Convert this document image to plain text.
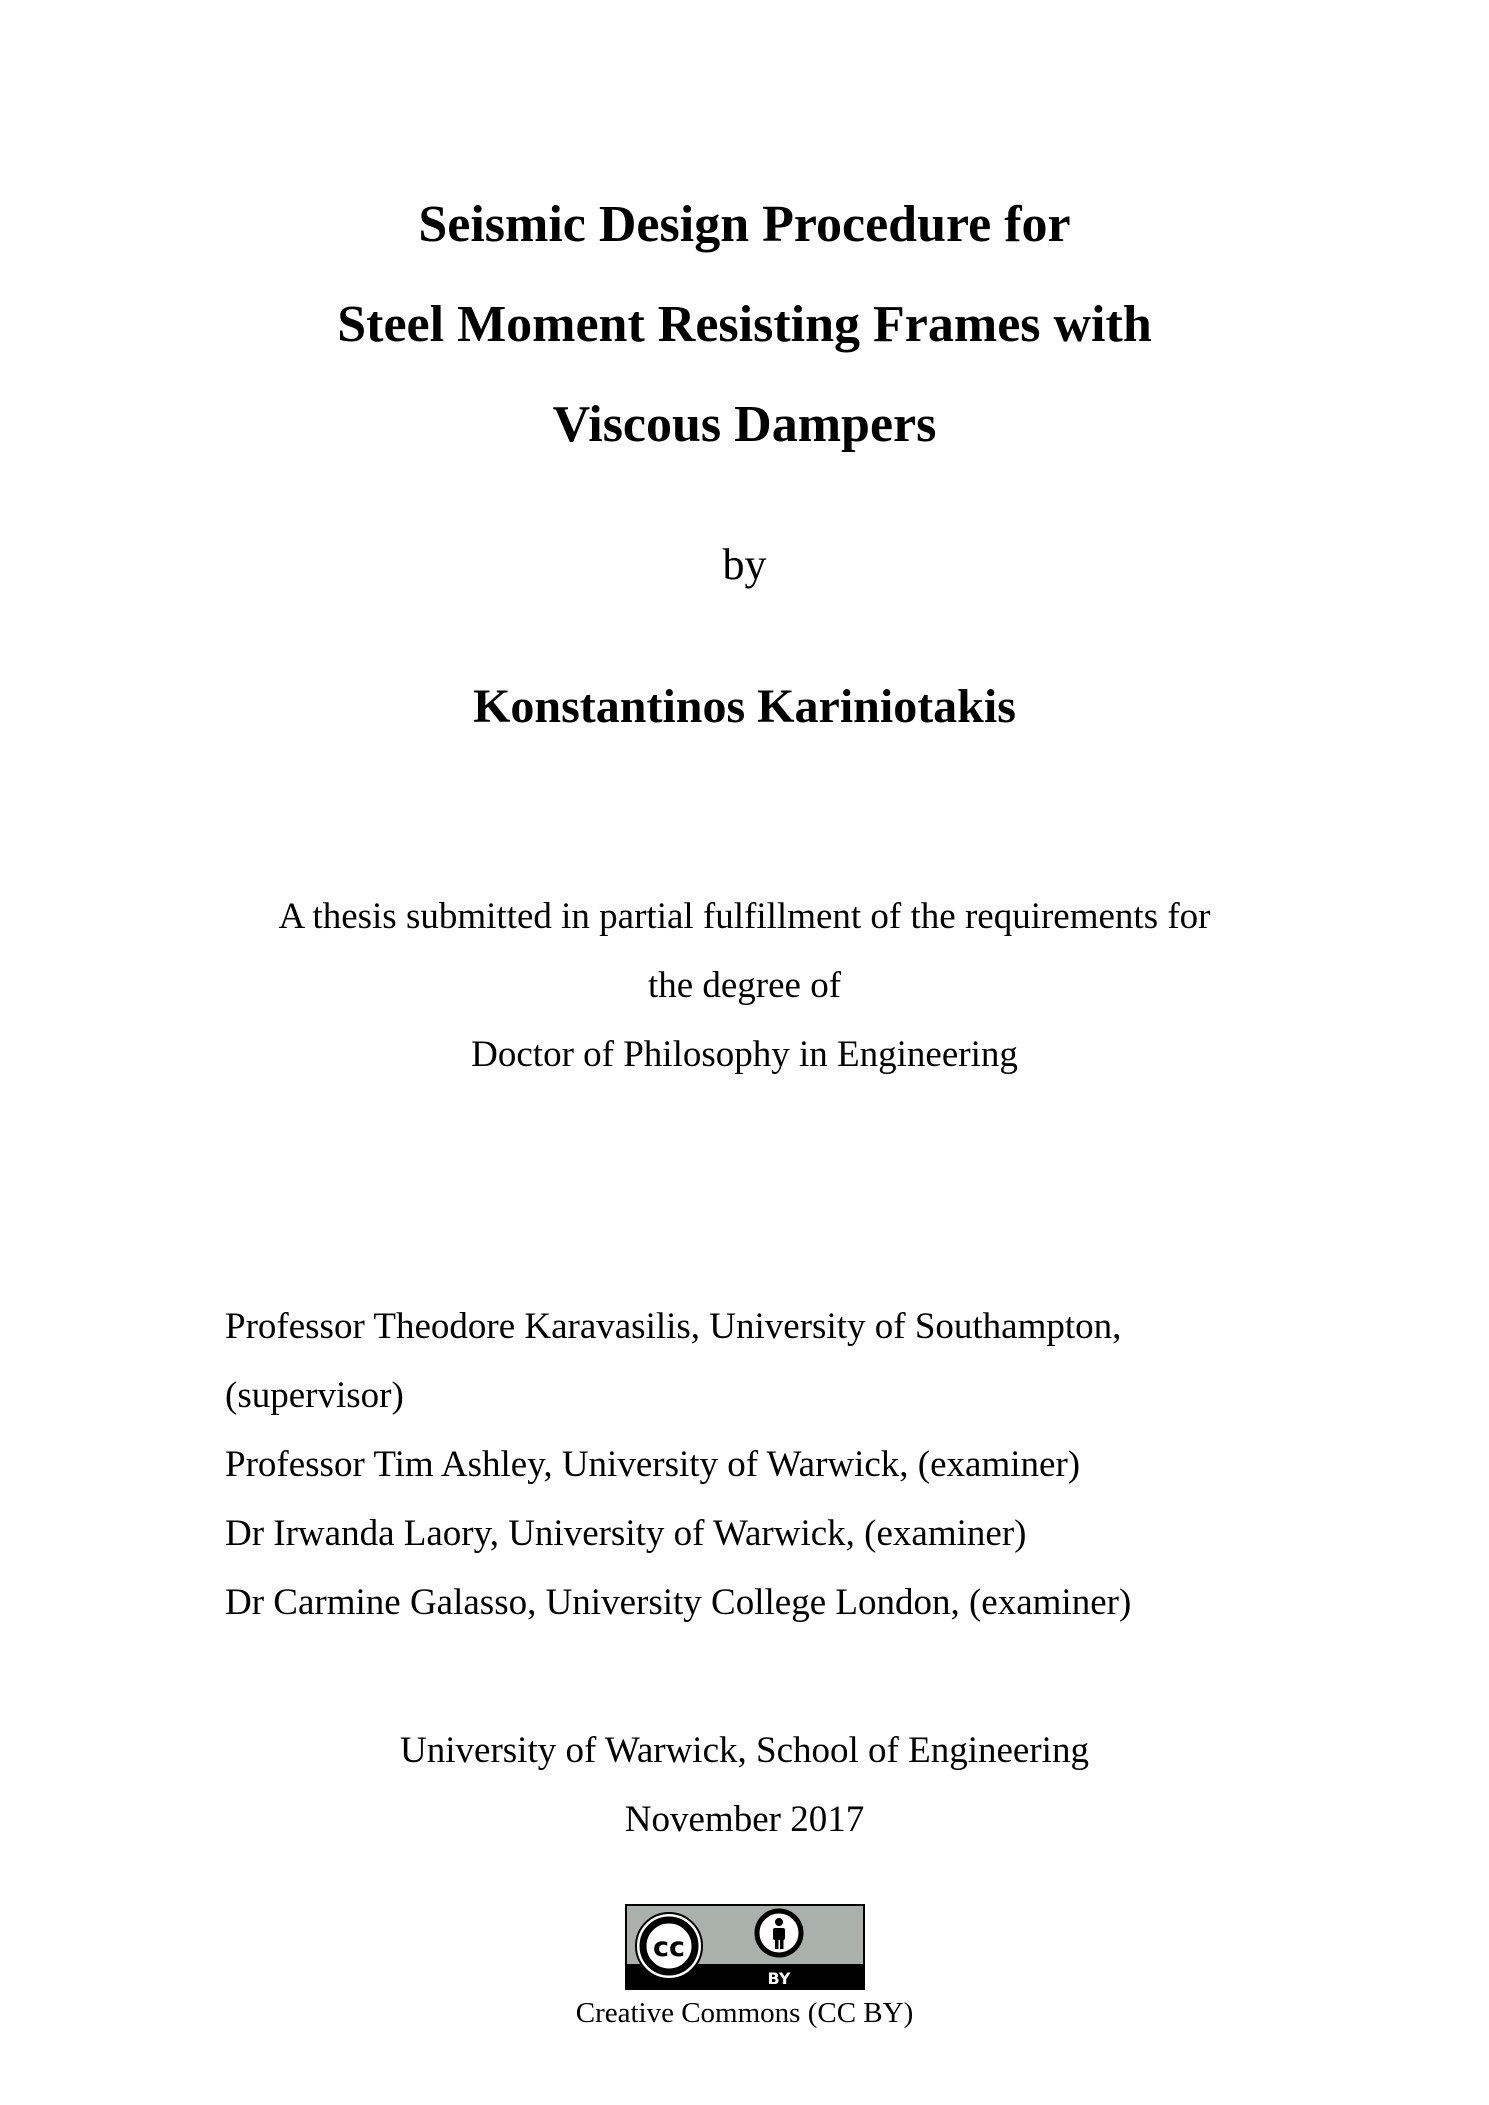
Seismic Design Procedure for
Steel Moment Resisting Frames with
Viscous Dampers
by
Konstantinos Kariniotakis
A thesis submitted in partial fulfillment of the requirements for
the degree of
Doctor of Philosophy in Engineering
Professor Theodore Karavasilis, University of Southampton,
(supervisor)
Professor Tim Ashley, University of Warwick, (examiner)
Dr Irwanda Laory, University of Warwick, (examiner)
Dr Carmine Galasso, University College London, (examiner)
University of Warwick, School of Engineering
November 2017
cc
BY
Creative Commons (CC BY)
